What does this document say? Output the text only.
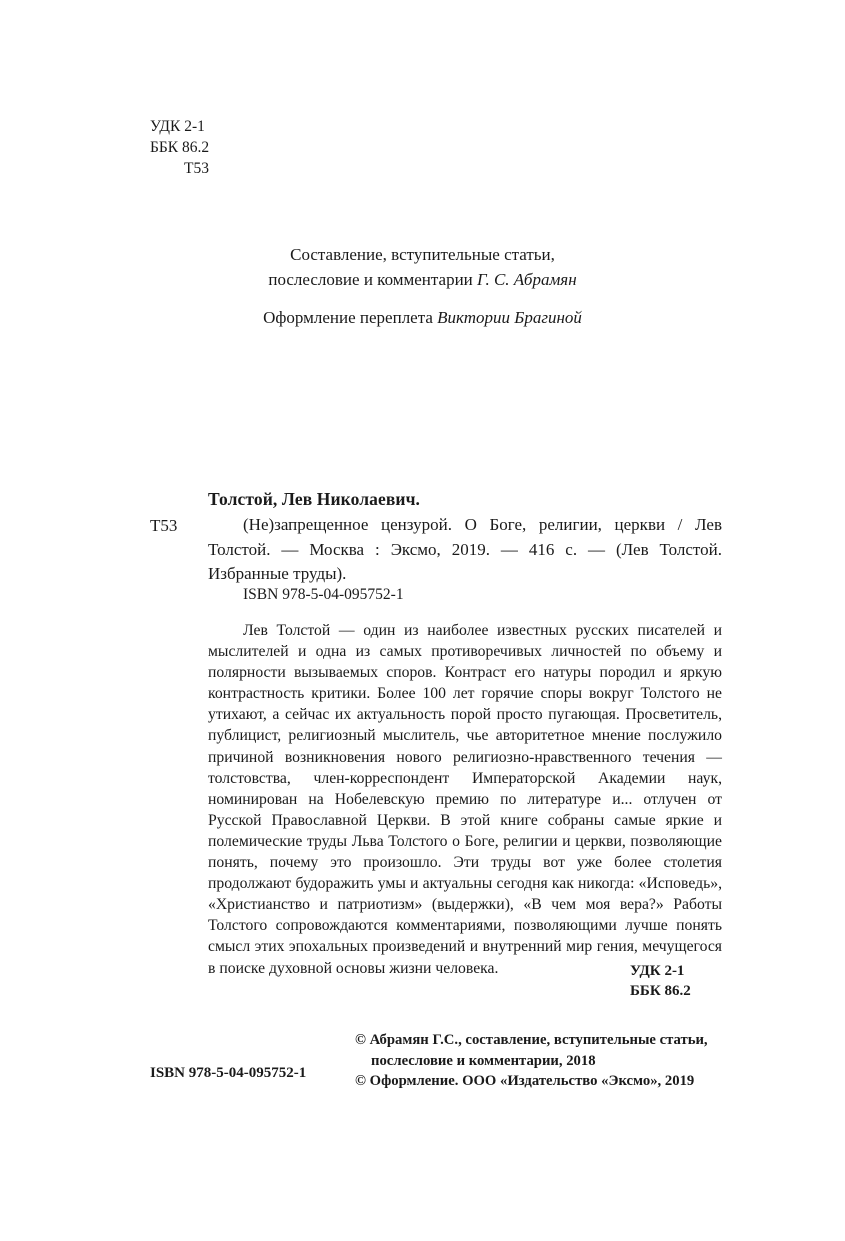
УДК 2-1
ББК 86.2
Т53

Составление, вступительные статьи,

послесловие и комментарии Г. С. Абрамян

Оформление переплета Виктории Брагиной

Толстой, Лев Николаевич.
Т53	(Не)запрещенное цензурой. О Боге, религии, церкви / Лев Толстой. — Москва : Эксмо, 2019. — 416 с. — (Лев Толстой. Избранные труды).

ISBN 978-5-04-095752-1

Лев Толстой — один из наиболее известных русских писателей и мыслителей и одна из самых противоречивых личностей по объему и полярности вызываемых споров. Контраст его натуры породил и яркую контрастность критики. Более 100 лет горячие споры вокруг Толстого не утихают, а сейчас их актуальность порой просто пугающая. Просветитель, публицист, религиозный мыслитель, чье авторитетное мнение послужило причиной возникновения нового религиозно-нравственного течения — толстовства, член-корреспондент Императорской Академии наук, номинирован на Нобелевскую премию по литературе и... отлучен от Русской Православной Церкви. В этой книге собраны самые яркие и полемические труды Льва Толстого о Боге, религии и церкви, позволяющие понять, почему это произошло. Эти труды вот уже более столетия продолжают будоражить умы и актуальны сегодня как никогда: «Исповедь», «Христианство и патриотизм» (выдержки), «В чем моя вера?» Работы Толстого сопровождаются комментариями, позволяющими лучше понять смысл этих эпохальных произведений и внутренний мир гения, мечущегося в поиске духовной основы жизни человека.	УДК 2-1
ББК 86.2
ISBN 978-5-04-095752-1
© Абрамян Г.С., составление, вступительные статьи,
послесловие и комментарии, 2018
© Оформление. ООО «Издательство «Эксмо», 2019
